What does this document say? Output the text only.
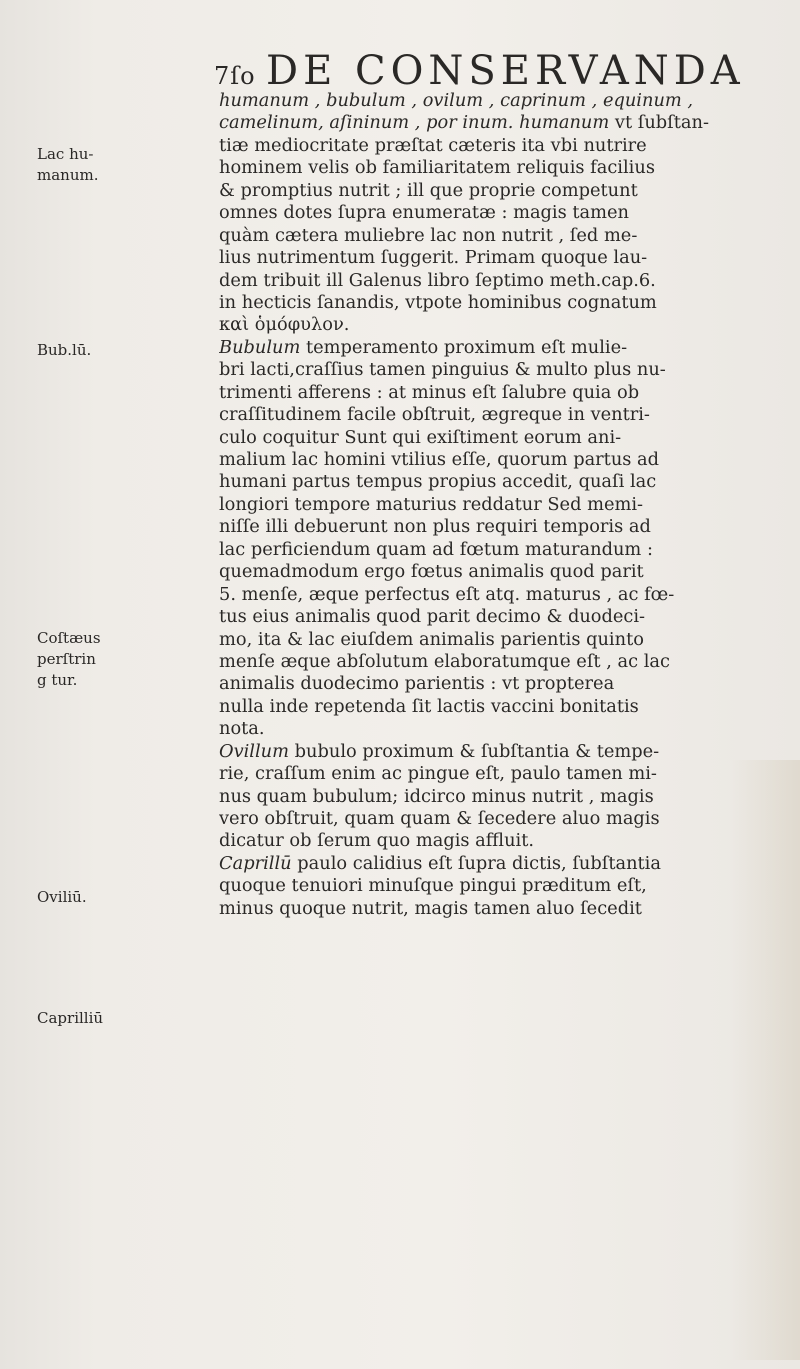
7ſo DE CONSERVANDA
Lac hu-
manum.
Bub.lū.
Coſtæus
perſtrin
g tur.
Oviliū.
Caprilliū
humanum , bubulum , ovilum , caprinum , equinum ,
camelinum, aſininum , por inum. humanum vt ſubſtan-
tiæ mediocritate præſtat cæteris ita vbi nutrire
hominem velis ob familiaritatem reliquis facilius
& promptius nutrit ; ill que proprie competunt
omnes dotes ſupra enumeratæ : magis tamen
quàm cætera muliebre lac non nutrit , ſed me-
lius nutrimentum ſuggerit. Primam quoque lau-
dem tribuit ill Galenus libro ſeptimo meth.cap.6.
in hecticis ſanandis, vtpote hominibus cognatum
καὶ ὁμόφυλον.
Bubulum temperamento proximum eſt mulie-
bri lacti,craſſius tamen pinguius & multo plus nu-
trimenti afferens : at minus eſt ſalubre quia ob
craſſitudinem facile obſtruit, ægreque in ventri-
culo coquitur Sunt qui exiſtiment eorum ani-
malium lac homini vtilius eſſe, quorum partus ad
humani partus tempus propius accedit, quaſi lac
longiori tempore maturius reddatur Sed memi-
niſſe illi debuerunt non plus requiri temporis ad
lac perficiendum quam ad fœtum maturandum :
quemadmodum ergo fœtus animalis quod parit
5. menſe, æque perfectus eſt atq. maturus , ac fœ-
tus eius animalis quod parit decimo & duodeci-
mo, ita & lac eiuſdem animalis parientis quinto
menſe æque abſolutum elaboratumque eſt , ac lac
animalis duodecimo parientis : vt propterea
nulla inde repetenda ſit lactis vaccini bonitatis
nota.
Ovillum bubulo proximum & ſubſtantia & tempe-
rie, craſſum enim ac pingue eſt, paulo tamen mi-
nus quam bubulum; idcirco minus nutrit , magis
vero obſtruit, quam quam & ſecedere aluo magis
dicatur ob ſerum quo magis affluit.
Caprillū paulo calidius eſt ſupra dictis, ſubſtantia
quoque tenuiori minuſque pingui præditum eſt,
minus quoque nutrit, magis tamen aluo ſecedit
